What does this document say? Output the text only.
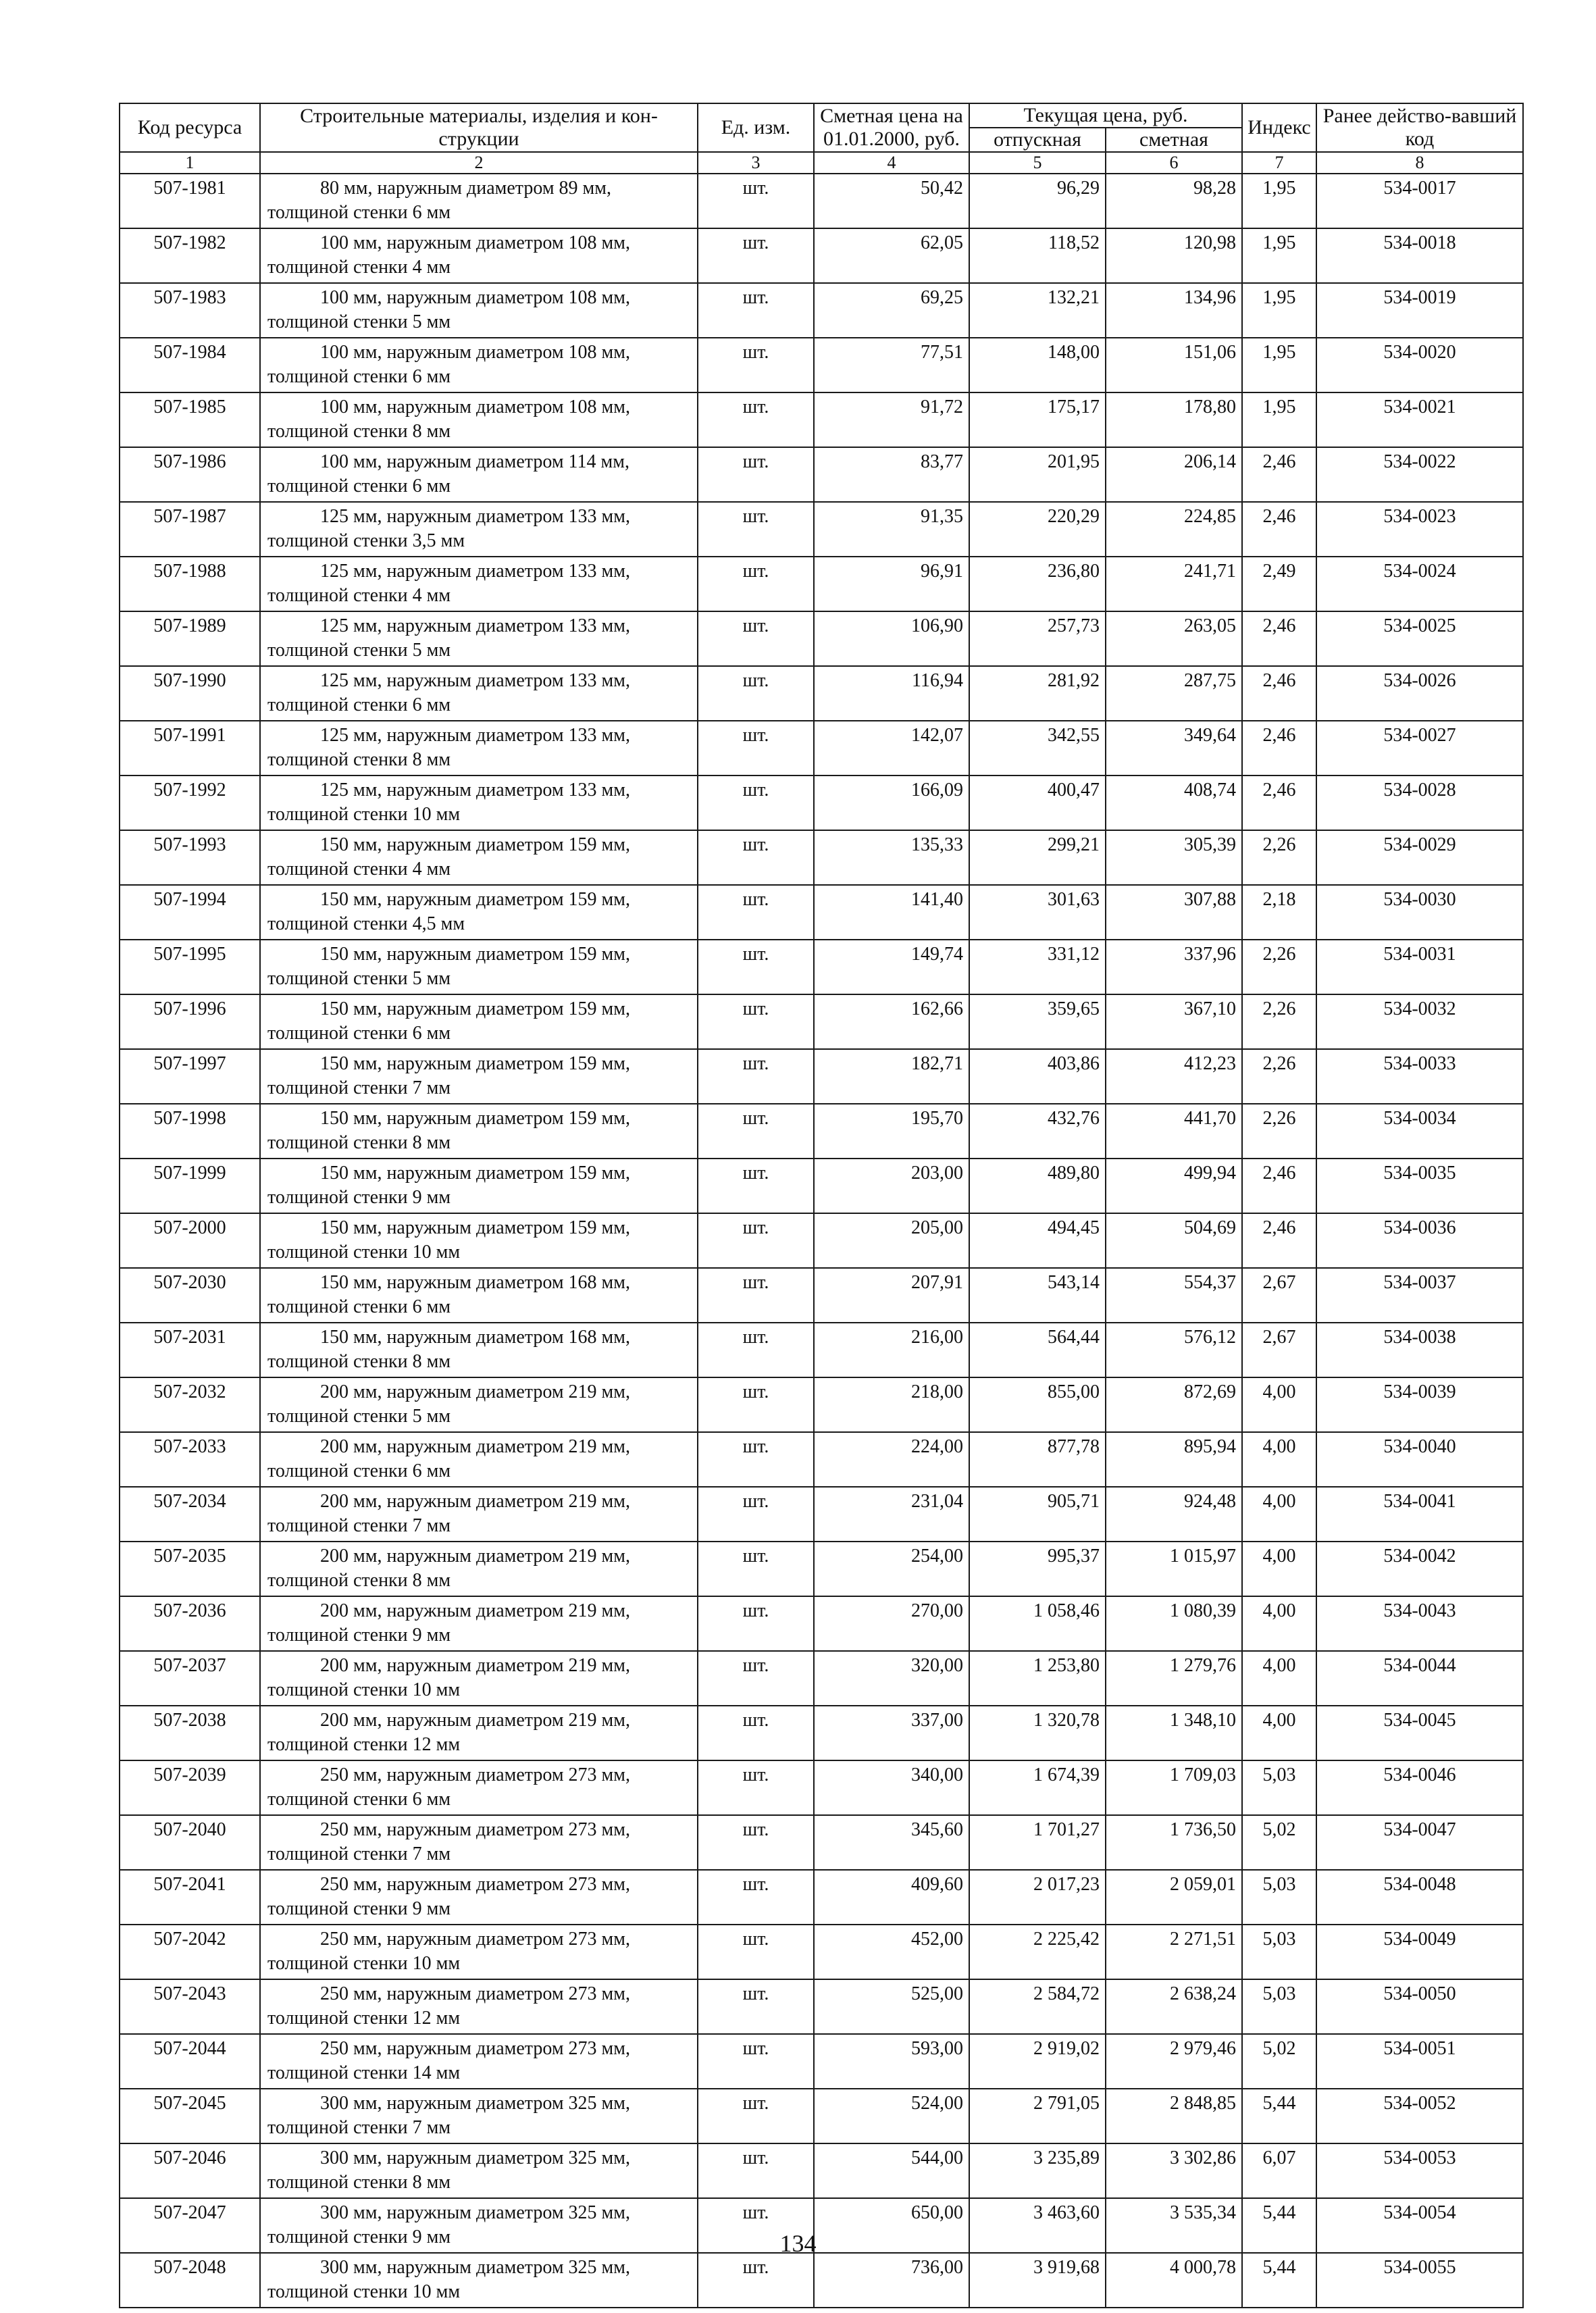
Код ресурса	Строительные материалы, изделия и кон-струкции	Ед. изм.	Сметная цена на 01.01.2000, руб.	Текущая цена, руб.		Индекс	Ранее действо-вавший код
				отпускная	сметная		
1	2	3	4	5	6	7	8
507-1981	80 мм, наружным диаметром 89 мм,
толщиной стенки 6 мм	шт.	50,42	96,29	98,28	1,95	534-0017
507-1982	100 мм, наружным диаметром 108 мм,
толщиной стенки 4 мм	шт.	62,05	118,52	120,98	1,95	534-0018
507-1983	100 мм, наружным диаметром 108 мм,
толщиной стенки 5 мм	шт.	69,25	132,21	134,96	1,95	534-0019
507-1984	100 мм, наружным диаметром 108 мм,
толщиной стенки 6 мм	шт.	77,51	148,00	151,06	1,95	534-0020
507-1985	100 мм, наружным диаметром 108 мм,
толщиной стенки 8 мм	шт.	91,72	175,17	178,80	1,95	534-0021
507-1986	100 мм, наружным диаметром 114 мм,
толщиной стенки 6 мм	шт.	83,77	201,95	206,14	2,46	534-0022
507-1987	125 мм, наружным диаметром 133 мм,
толщиной стенки 3,5 мм	шт.	91,35	220,29	224,85	2,46	534-0023
507-1988	125 мм, наружным диаметром 133 мм,
толщиной стенки 4 мм	шт.	96,91	236,80	241,71	2,49	534-0024
507-1989	125 мм, наружным диаметром 133 мм,
толщиной стенки 5 мм	шт.	106,90	257,73	263,05	2,46	534-0025
507-1990	125 мм, наружным диаметром 133 мм,
толщиной стенки 6 мм	шт.	116,94	281,92	287,75	2,46	534-0026
507-1991	125 мм, наружным диаметром 133 мм,
толщиной стенки 8 мм	шт.	142,07	342,55	349,64	2,46	534-0027
507-1992	125 мм, наружным диаметром 133 мм,
толщиной стенки 10 мм	шт.	166,09	400,47	408,74	2,46	534-0028
507-1993	150 мм, наружным диаметром 159 мм,
толщиной стенки 4 мм	шт.	135,33	299,21	305,39	2,26	534-0029
507-1994	150 мм, наружным диаметром 159 мм,
толщиной стенки 4,5 мм	шт.	141,40	301,63	307,88	2,18	534-0030
507-1995	150 мм, наружным диаметром 159 мм,
толщиной стенки 5 мм	шт.	149,74	331,12	337,96	2,26	534-0031
507-1996	150 мм, наружным диаметром 159 мм,
толщиной стенки 6 мм	шт.	162,66	359,65	367,10	2,26	534-0032
507-1997	150 мм, наружным диаметром 159 мм,
толщиной стенки 7 мм	шт.	182,71	403,86	412,23	2,26	534-0033
507-1998	150 мм, наружным диаметром 159 мм,
толщиной стенки 8 мм	шт.	195,70	432,76	441,70	2,26	534-0034
507-1999	150 мм, наружным диаметром 159 мм,
толщиной стенки 9 мм	шт.	203,00	489,80	499,94	2,46	534-0035
507-2000	150 мм, наружным диаметром 159 мм,
толщиной стенки 10 мм	шт.	205,00	494,45	504,69	2,46	534-0036
507-2030	150 мм, наружным диаметром 168 мм,
толщиной стенки 6 мм	шт.	207,91	543,14	554,37	2,67	534-0037
507-2031	150 мм, наружным диаметром 168 мм,
толщиной стенки 8 мм	шт.	216,00	564,44	576,12	2,67	534-0038
507-2032	200 мм, наружным диаметром 219 мм,
толщиной стенки 5 мм	шт.	218,00	855,00	872,69	4,00	534-0039
507-2033	200 мм, наружным диаметром 219 мм,
толщиной стенки 6 мм	шт.	224,00	877,78	895,94	4,00	534-0040
507-2034	200 мм, наружным диаметром 219 мм,
толщиной стенки 7 мм	шт.	231,04	905,71	924,48	4,00	534-0041
507-2035	200 мм, наружным диаметром 219 мм,
толщиной стенки 8 мм	шт.	254,00	995,37	1 015,97	4,00	534-0042
507-2036	200 мм, наружным диаметром 219 мм,
толщиной стенки 9 мм	шт.	270,00	1 058,46	1 080,39	4,00	534-0043
507-2037	200 мм, наружным диаметром 219 мм,
толщиной стенки 10 мм	шт.	320,00	1 253,80	1 279,76	4,00	534-0044
507-2038	200 мм, наружным диаметром 219 мм,
толщиной стенки 12 мм	шт.	337,00	1 320,78	1 348,10	4,00	534-0045
507-2039	250 мм, наружным диаметром 273 мм,
толщиной стенки 6 мм	шт.	340,00	1 674,39	1 709,03	5,03	534-0046
507-2040	250 мм, наружным диаметром 273 мм,
толщиной стенки 7 мм	шт.	345,60	1 701,27	1 736,50	5,02	534-0047
507-2041	250 мм, наружным диаметром 273 мм,
толщиной стенки 9 мм	шт.	409,60	2 017,23	2 059,01	5,03	534-0048
507-2042	250 мм, наружным диаметром 273 мм,
толщиной стенки 10 мм	шт.	452,00	2 225,42	2 271,51	5,03	534-0049
507-2043	250 мм, наружным диаметром 273 мм,
толщиной стенки 12 мм	шт.	525,00	2 584,72	2 638,24	5,03	534-0050
507-2044	250 мм, наружным диаметром 273 мм,
толщиной стенки 14 мм	шт.	593,00	2 919,02	2 979,46	5,02	534-0051
507-2045	300 мм, наружным диаметром 325 мм,
толщиной стенки 7 мм	шт.	524,00	2 791,05	2 848,85	5,44	534-0052
507-2046	300 мм, наружным диаметром 325 мм,
толщиной стенки 8 мм	шт.	544,00	3 235,89	3 302,86	6,07	534-0053
507-2047	300 мм, наружным диаметром 325 мм,
толщиной стенки 9 мм	шт.	650,00	3 463,60	3 535,34	5,44	534-0054
507-2048	300 мм, наружным диаметром 325 мм,
толщиной стенки 10 мм	шт.	736,00	3 919,68	4 000,78	5,44	534-0055
134
